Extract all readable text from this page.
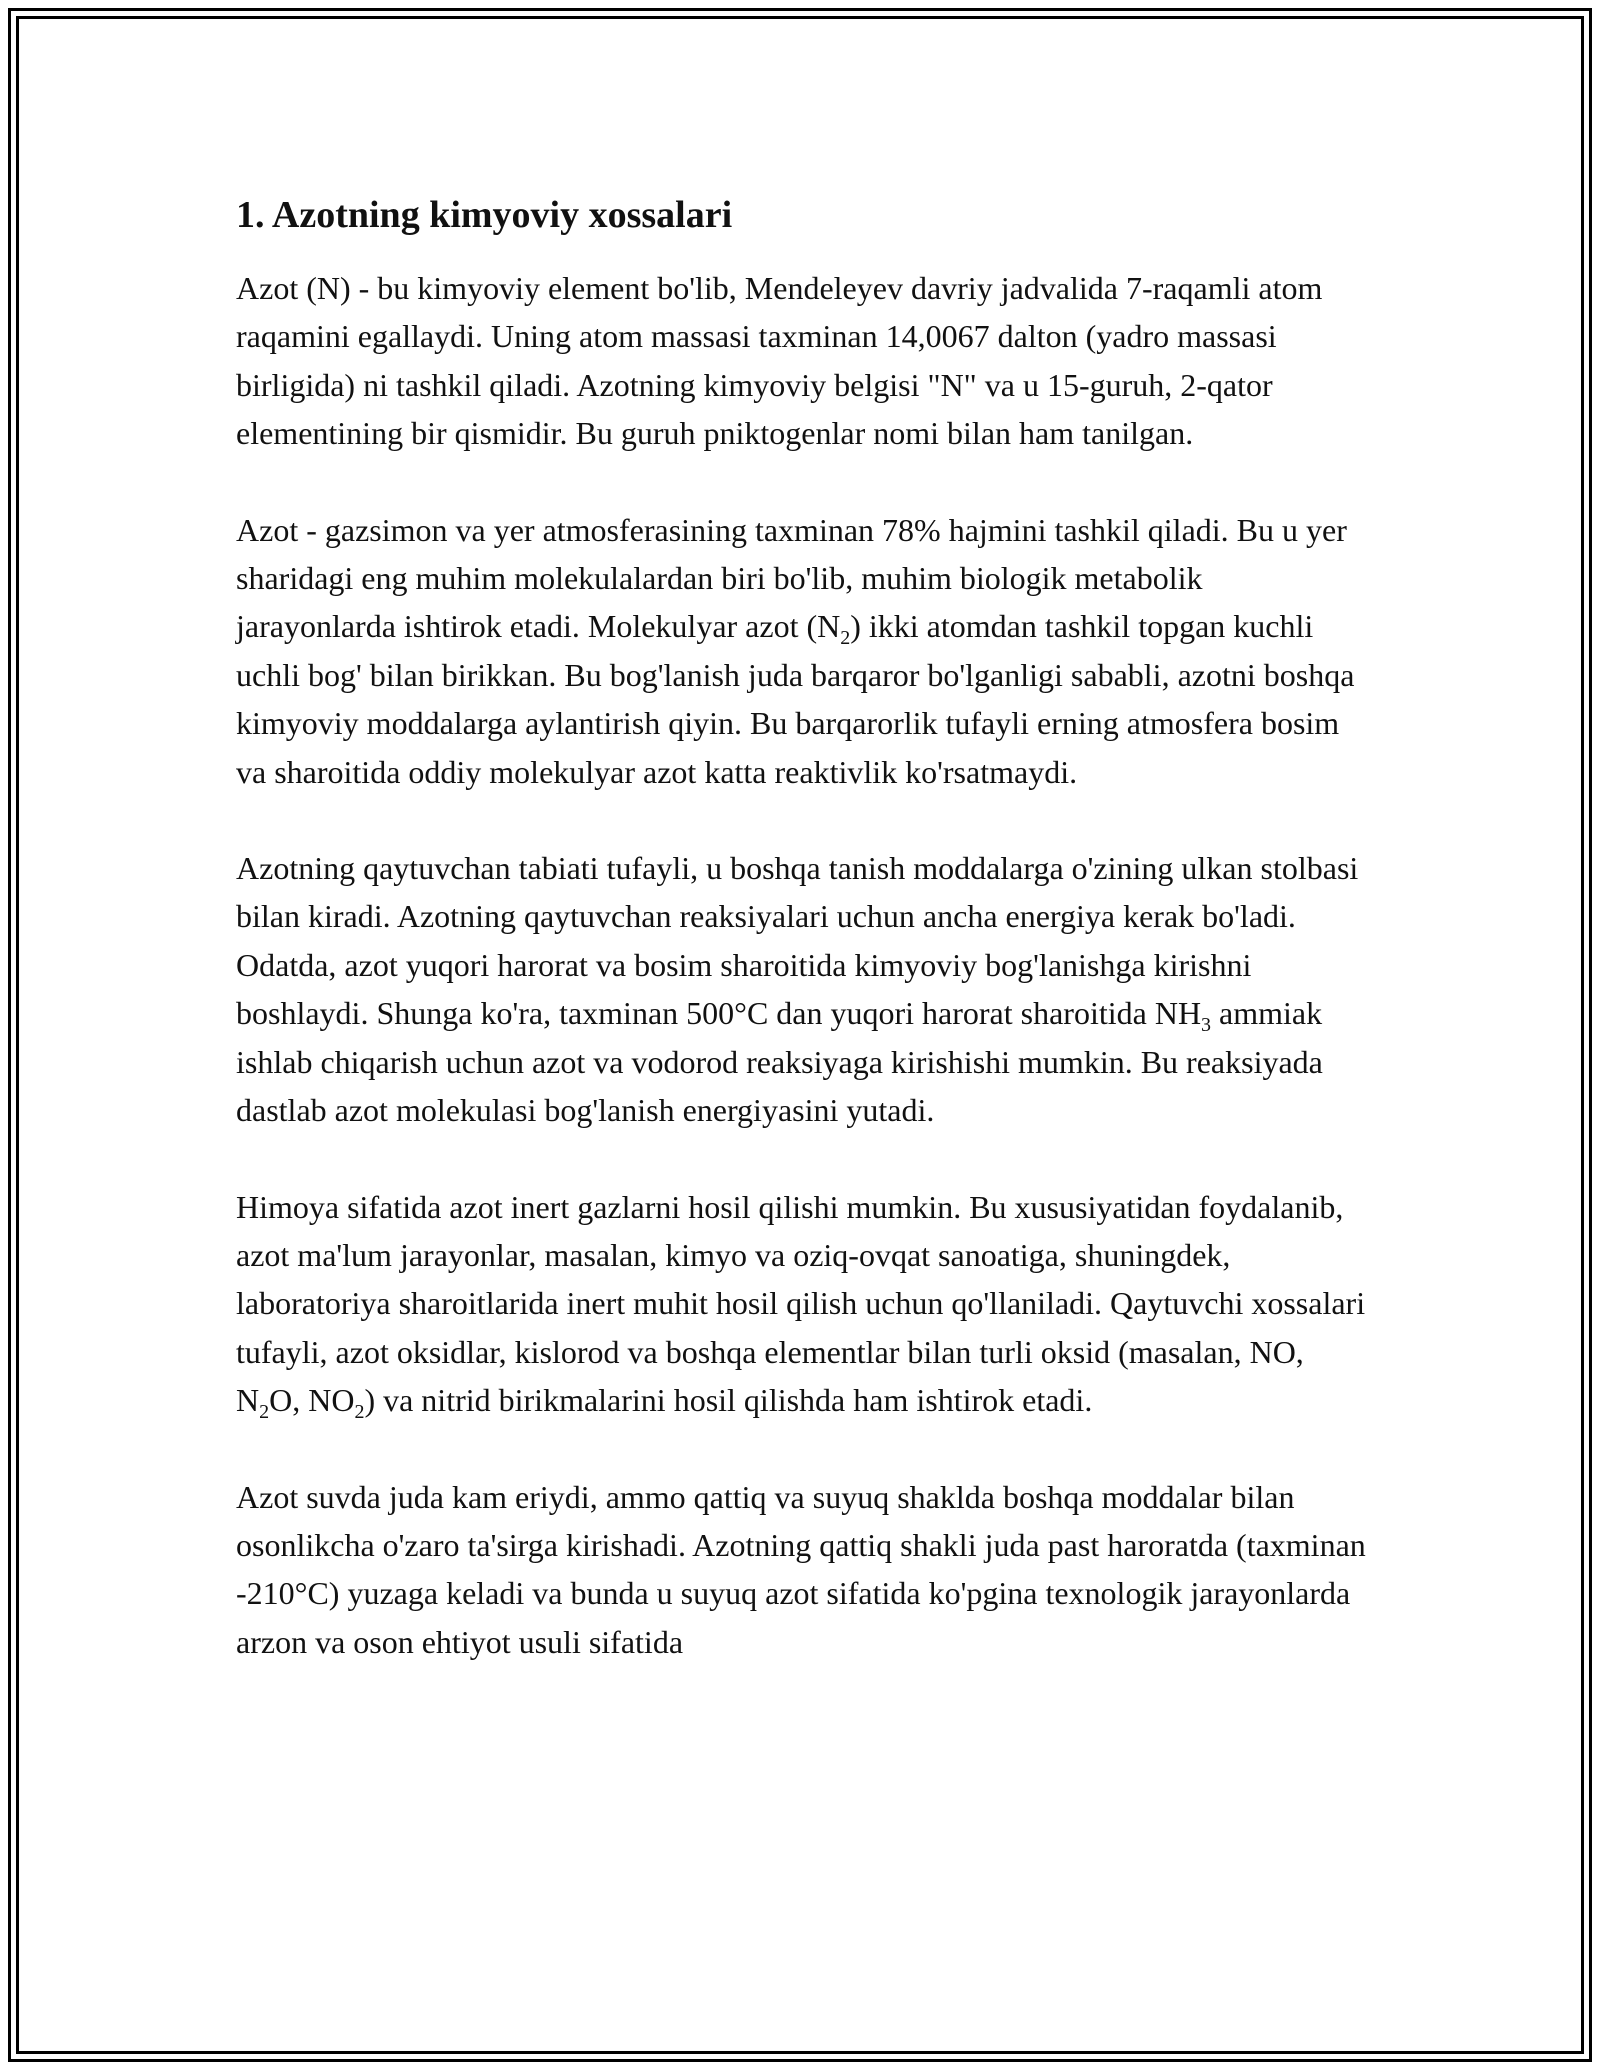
1. Azotning kimyoviy xossalari

Azot (N) - bu kimyoviy element bo'lib, Mendeleyev davriy jadvalida 7-raqamli atom raqamini egallaydi. Uning atom massasi taxminan 14,0067 dalton (yadro massasi birligida) ni tashkil qiladi. Azotning kimyoviy belgisi "N" va u 15-guruh, 2-qator elementining bir qismidir. Bu guruh pniktogenlar nomi bilan ham tanilgan.

Azot - gazsimon va yer atmosferasining taxminan 78% hajmini tashkil qiladi. Bu u yer sharidagi eng muhim molekulalardan biri bo'lib, muhim biologik metabolik jarayonlarda ishtirok etadi. Molekulyar azot $(N_2)$ ikki atomdan tashkil topgan kuchli uchli bog' bilan birikkan. Bu bog'lanish juda barqaror bo'lganligi sababli, azotni boshqa kimyoviy moddalarga aylantirish qiyin. Bu barqarorlik tufayli erning atmosfera bosim va sharoitida oddiy molekulyar azot katta reaktivlik ko'rsatmaydi.

Azotning qaytuvchan tabiati tufayli, u boshqa tanish moddalarga o'zining ulkan stolbasi bilan kiradi. Azotning qaytuvchan reaksiyalari uchun ancha energiya kerak bo'ladi. Odatda, azot yuqori harorat va bosim sharoitida kimyoviy bog'lanishga kirishni boshlaydi. Shunga ko'ra, taxminan 500°C dan yuqori harorat sharoitida $NH_3$ ammiak ishlab chiqarish uchun azot va vodorod reaksiyaga kirishishi mumkin. Bu reaksiyada dastlab azot molekulasi bog'lanish energiyasini yutadi.

Himoya sifatida azot inert gazlarni hosil qilishi mumkin. Bu xususiyatidan foydalanib, azot ma'lum jarayonlar, masalan, kimyo va oziq-ovqat sanoatiga, shuningdek, laboratoriya sharoitlarida inert muhit hosil qilish uchun qo'llaniladi. Qaytuvchi xossalari tufayli, azot oksidlar, kislorod va boshqa elementlar bilan turli oksid (masalan, NO, $N_2O$, $NO_2$) va nitrid birikmalarini hosil qilishda ham ishtirok etadi.

Azot suvda juda kam eriydi, ammo qattiq va suyuq shakldа boshqa moddalar bilan osonlikcha o'zaro ta'sirga kirishadi. Azotning qattiq shakli juda past haroratda (taxminan -210°C) yuzaga keladi va bunda u suyuq azot sifatida ko'pgina texnologik jarayonlarda arzon va oson ehtiyot usuli sifatida
